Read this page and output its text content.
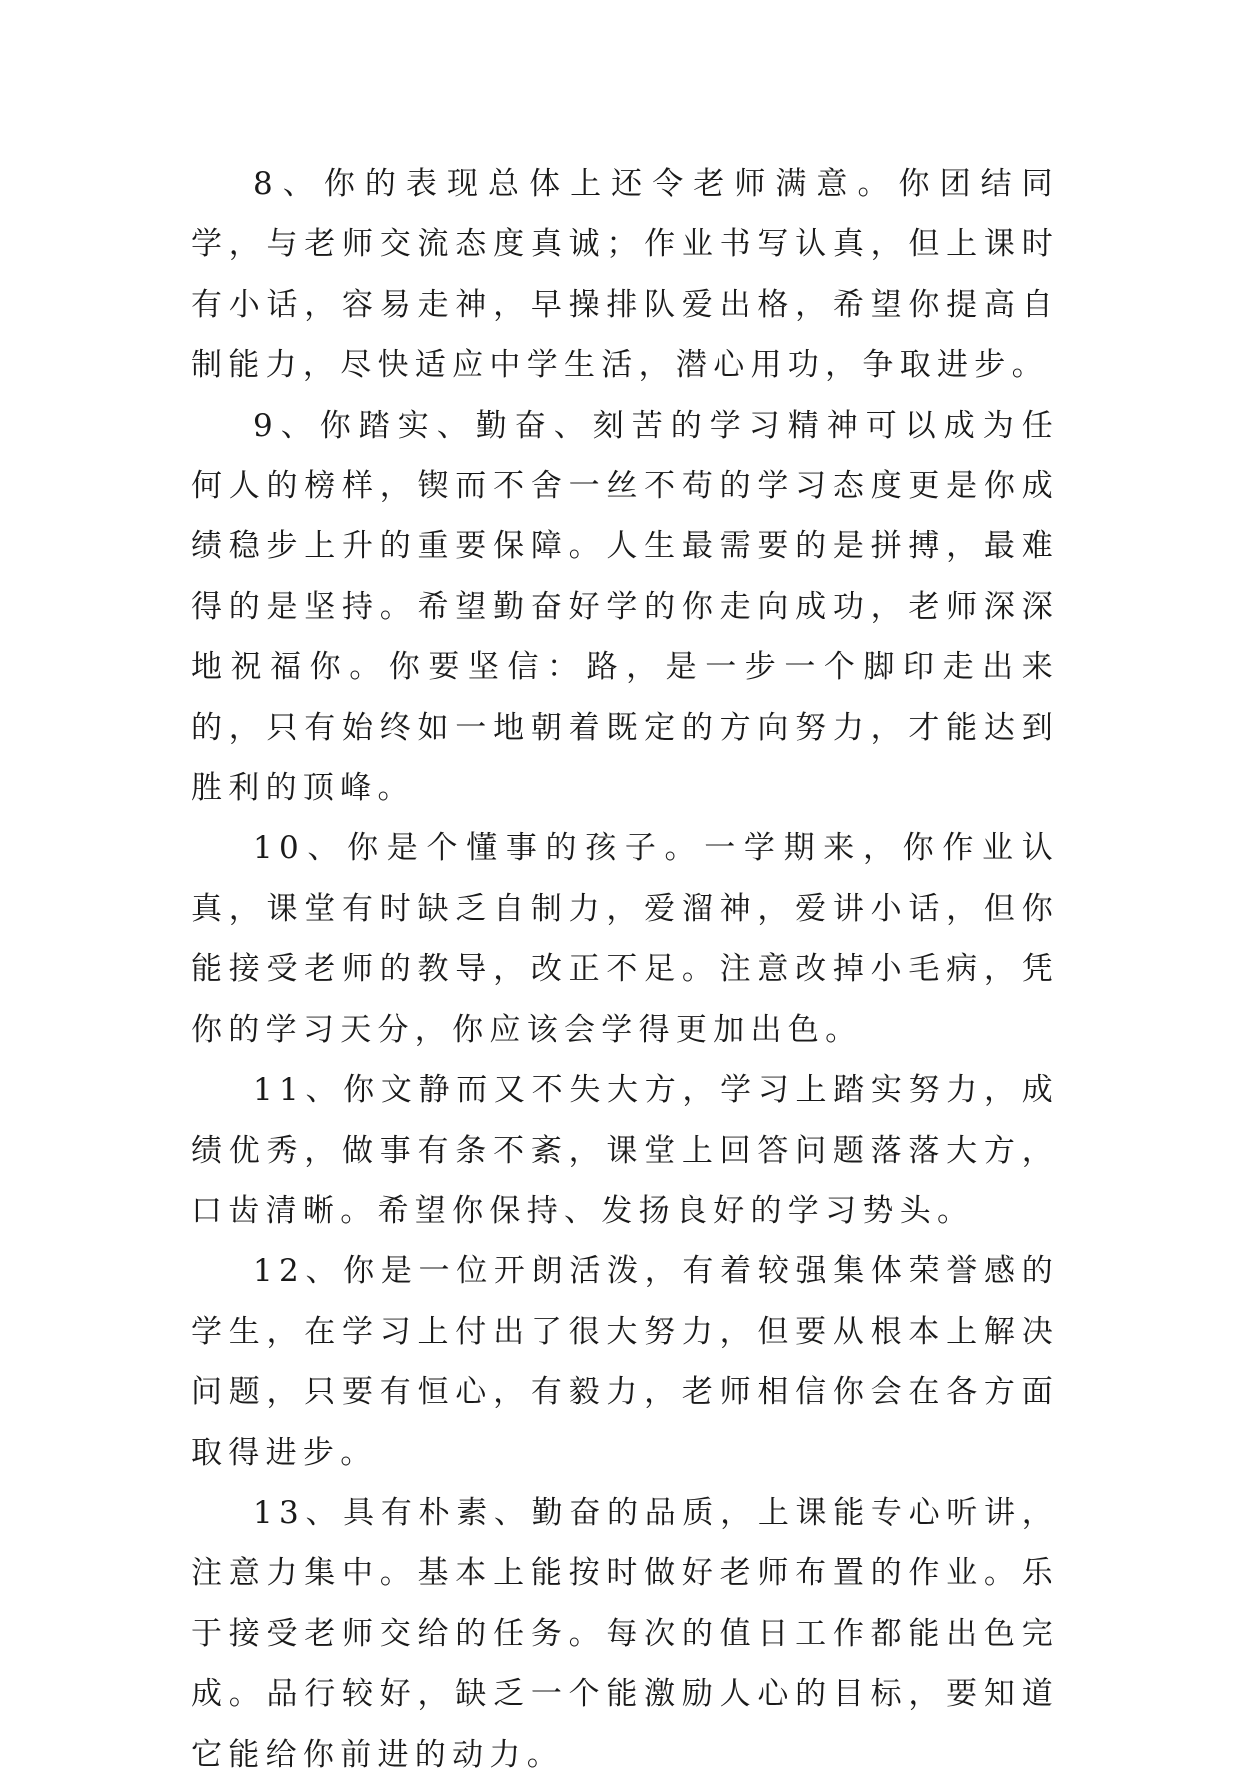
8、你的表现总体上还令老师满意。你团结同学，与老师交流态度真诚；作业书写认真，但上课时有小话，容易走神，早操排队爱出格，希望你提高自制能力，尽快适应中学生活，潜心用功，争取进步。

9、你踏实、勤奋、刻苦的学习精神可以成为任何人的榜样，锲而不舍一丝不苟的学习态度更是你成绩稳步上升的重要保障。人生最需要的是拼搏，最难得的是坚持。希望勤奋好学的你走向成功，老师深深地祝福你。你要坚信：路，是一步一个脚印走出来的，只有始终如一地朝着既定的方向努力，才能达到胜利的顶峰。

10、你是个懂事的孩子。一学期来，你作业认真，课堂有时缺乏自制力，爱溜神，爱讲小话，但你能接受老师的教导，改正不足。注意改掉小毛病，凭你的学习天分，你应该会学得更加出色。

11、你文静而又不失大方，学习上踏实努力，成绩优秀，做事有条不紊，课堂上回答问题落落大方，口齿清晰。希望你保持、发扬良好的学习势头。

12、你是一位开朗活泼，有着较强集体荣誉感的学生，在学习上付出了很大努力，但要从根本上解决问题，只要有恒心，有毅力，老师相信你会在各方面取得进步。

13、具有朴素、勤奋的品质，上课能专心听讲，注意力集中。基本上能按时做好老师布置的作业。乐于接受老师交给的任务。每次的值日工作都能出色完成。品行较好，缺乏一个能激励人心的目标，要知道它能给你前进的动力。
